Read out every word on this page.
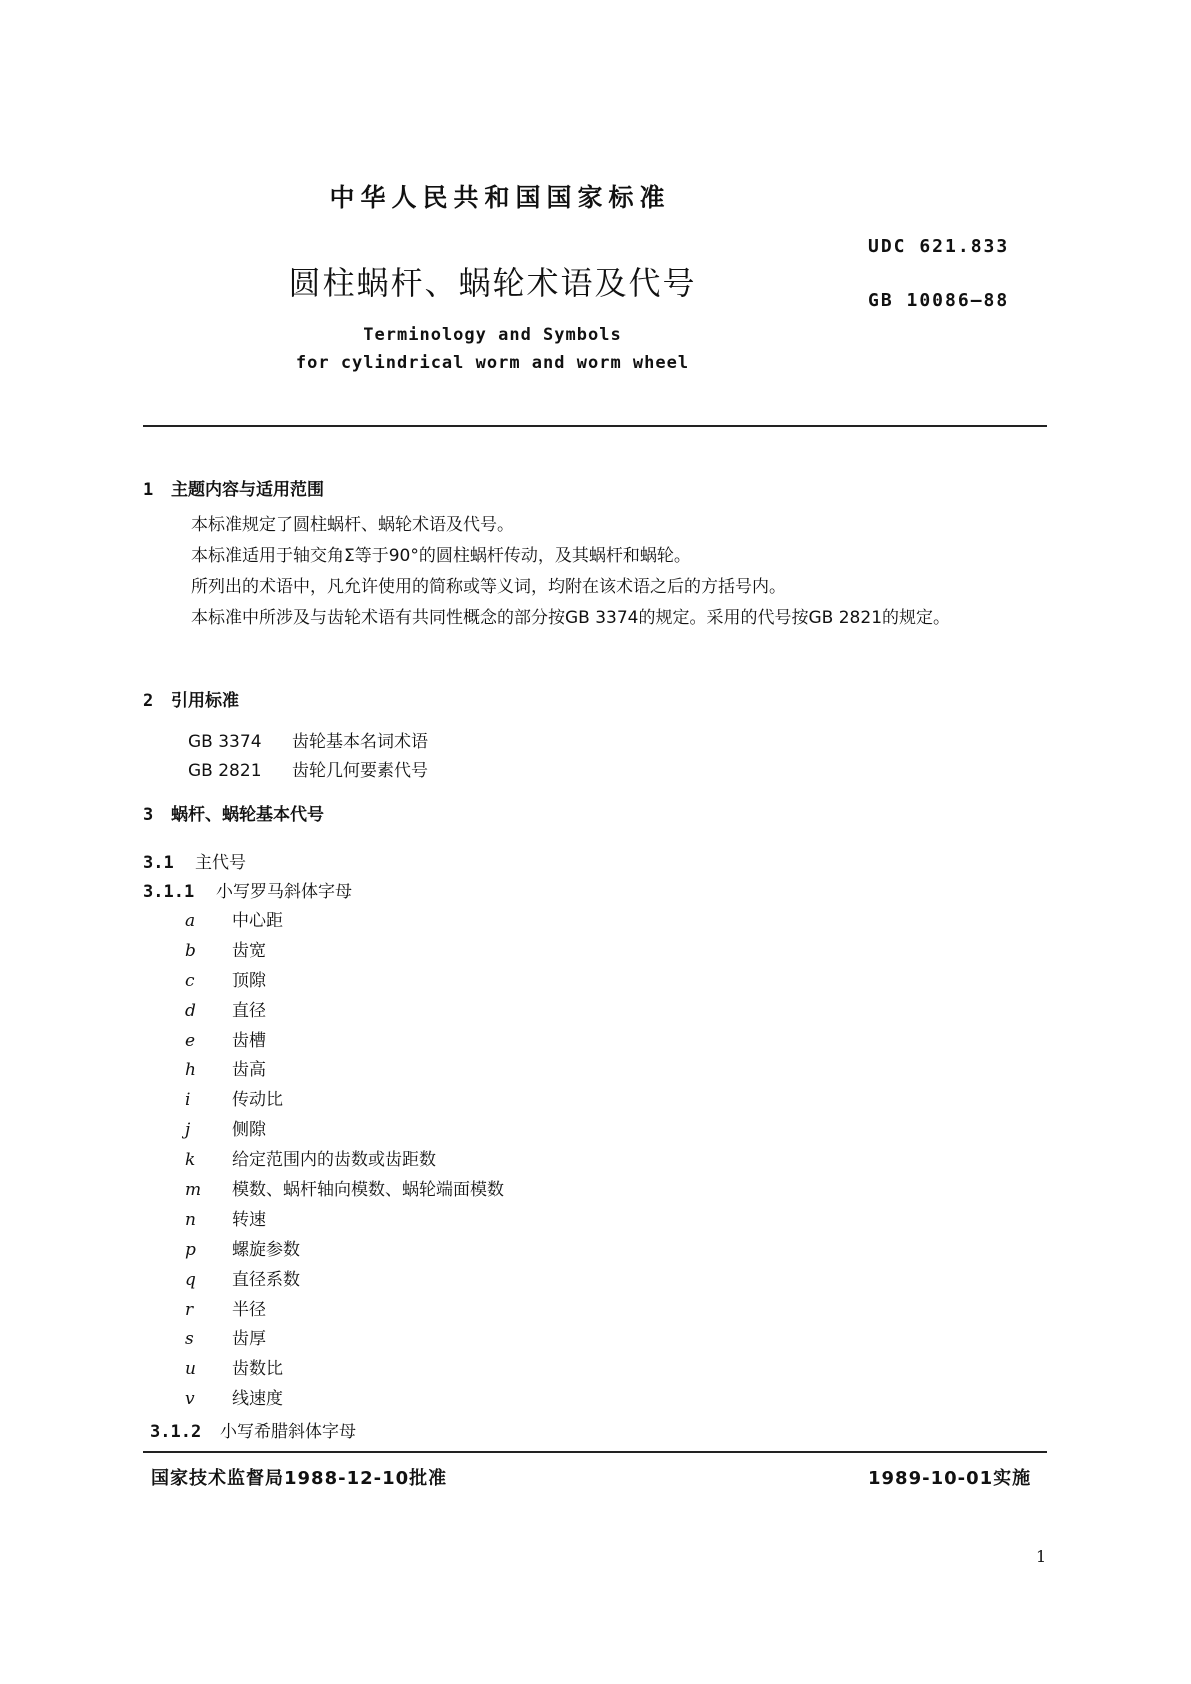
中华人民共和国国家标准
UDC 621.833
圆柱蜗杆、蜗轮术语及代号	GB 10086—88
Terminology and Symbols
for cylindrical worm and worm wheel
1 主题内容与适用范围

本标准规定了圆柱蜗杆、蜗轮术语及代号。

本标准适用于轴交角Σ等于90°的圆柱蜗杆传动，及其蜗杆和蜗轮。

所列出的术语中，凡允许使用的简称或等义词，均附在该术语之后的方括号内。

本标准中所涉及与齿轮术语有共同性概念的部分按GB 3374的规定。采用的代号按GB 2821的规定。

2 引用标准
GB 3374 齿轮基本名词术语
GB 2821 齿轮几何要素代号
3 蜗杆、蜗轮基本代号
3.1 主代号
3.1.1 小写罗马斜体字母
a 中心距
b 齿宽
c 顶隙
d 直径
e 齿槽
h 齿高
i 传动比
j 侧隙
k 给定范围内的齿数或齿距数
m 模数、蜗杆轴向模数、蜗轮端面模数
n 转速
p 螺旋参数
q 直径系数
r 半径
s 齿厚
u 齿数比
v 线速度
3.1.2 小写希腊斜体字母
国家技术监督局1988-12-10批准	1989-10-01实施
1
